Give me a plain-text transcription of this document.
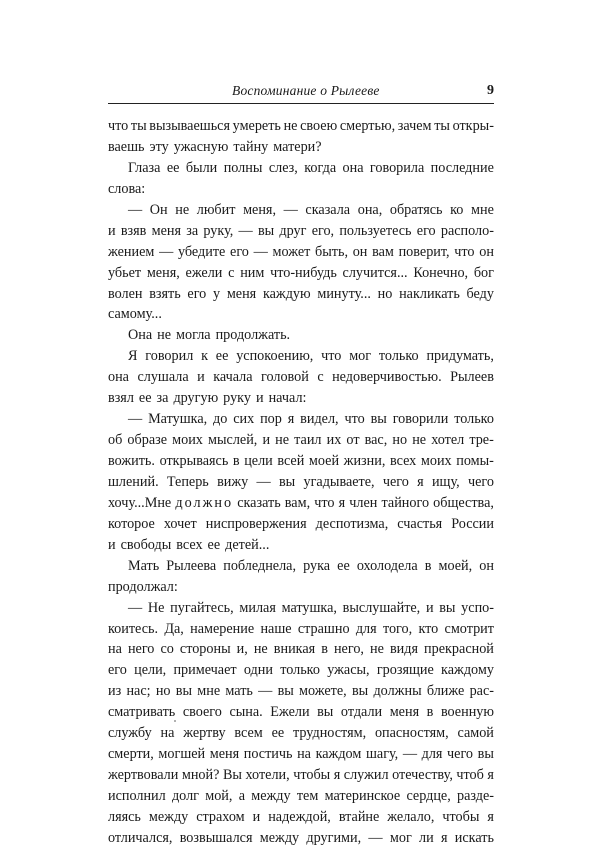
Воспоминание о Рылееве	9
что ты вызываешься умереть не своею смертью, зачем ты откры-
ваешь эту ужасную тайну матери?
Глаза ее были полны слез, когда она говорила последние
слова:
— Он не любит меня, — сказала она, обратясь ко мне
и взяв меня за руку, — вы друг его, пользуетесь его располо-
жением — убедите его — может быть, он вам поверит, что он
убьет меня, ежели с ним что-нибудь случится... Конечно, бог
волен взять его у меня каждую минуту... но накликать беду
самому...
Она не могла продолжать.
Я говорил к ее успокоению, что мог только придумать,
она слушала и качала головой с недоверчивостью. Рылеев
взял ее за другую руку и начал:
— Матушка, до сих пор я видел, что вы говорили только
об образе моих мыслей, и не таил их от вас, но не хотел тре-
вожить. открываясь в цели всей моей жизни, всех моих помы-
шлений. Теперь вижу — вы угадываете, чего я ищу, чего
хочу...Мне должно сказать вам, что я член тайного общества,
которое хочет ниспровержения деспотизма, счастья России
и свободы всех ее детей...
Мать Рылеева побледнела, рука ее охолодела в моей, он
продолжал:
— Не пугайтесь, милая матушка, выслушайте, и вы успо-
коитесь. Да, намерение наше страшно для того, кто смотрит
на него со стороны и, не вникая в него, не видя прекрасной
его цели, примечает одни только ужасы, грозящие каждому
из нас; но вы мне мать — вы можете, вы должны ближе рас-
сматривать своего сына. Ежели вы отдали меня в военную
службу на жертву всем ее трудностям, опасностям, самой
смерти, могшей меня постичь на каждом шагу, — для чего вы
жертвовали мной? Вы хотели, чтобы я служил отечеству, чтоб я
исполнил долг мой, а между тем материнское сердце, разде-
ляясь между страхом и надеждой, втайне желало, чтобы я
отличался, возвышался между другими, — мог ли я искать
